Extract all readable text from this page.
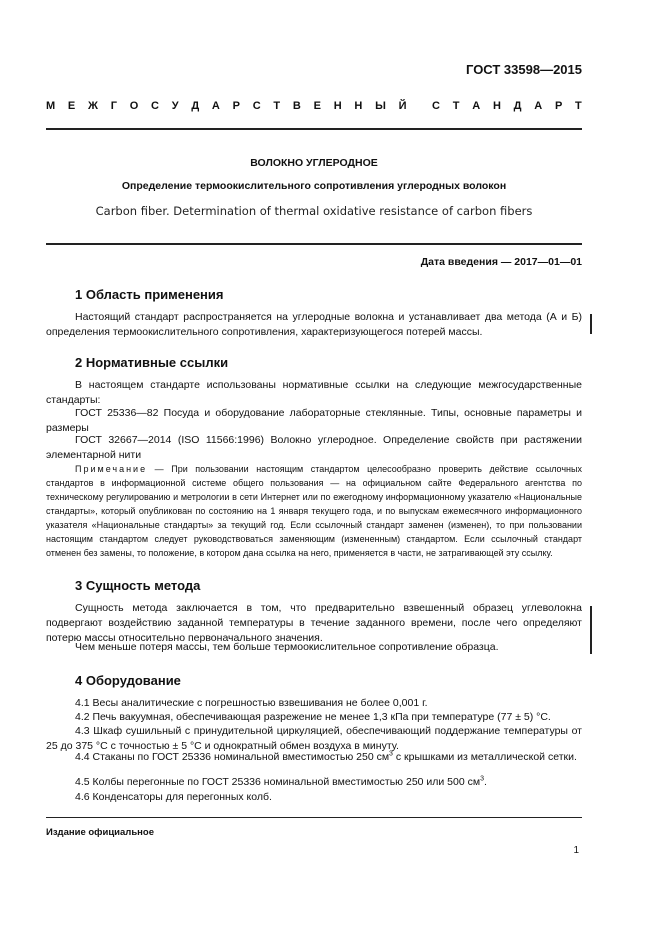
ГОСТ 33598—2015
М Е Ж Г О С У Д А Р С Т В Е Н Н Ы Й С Т А Н Д А Р Т
ВОЛОКНО УГЛЕРОДНОЕ
Определение термоокислительного сопротивления углеродных волокон
Carbon fiber. Determination of thermal oxidative resistance of carbon fibers
Дата введения — 2017—01—01
1 Область применения

Настоящий стандарт распространяется на углеродные волокна и устанавливает два метода (А и Б) определения термоокислительного сопротивления, характеризующегося потерей массы.

2 Нормативные ссылки

В настоящем стандарте использованы нормативные ссылки на следующие межгосударственные стандарты:

ГОСТ 25336—82 Посуда и оборудование лабораторные стеклянные. Типы, основные параметры и размеры

ГОСТ 32667—2014 (ISO 11566:1996) Волокно углеродное. Определение свойств при растяжении элементарной нити

Примечание — При пользовании настоящим стандартом целесообразно проверить действие ссылочных стандартов в информационной системе общего пользования — на официальном сайте Федерального агентства по техническому регулированию и метрологии в сети Интернет или по ежегодному информационному указателю «Национальные стандарты», который опубликован по состоянию на 1 января текущего года, и по выпускам ежемесячного информационного указателя «Национальные стандарты» за текущий год. Если ссылочный стандарт заменен (изменен), то при пользовании настоящим стандартом следует руководствоваться заменяющим (измененным) стандартом. Если ссылочный стандарт отменен без замены, то положение, в котором дана ссылка на него, применяется в части, не затрагивающей эту ссылку.

3 Сущность метода

Сущность метода заключается в том, что предварительно взвешенный образец углеволокна подвергают воздействию заданной температуры в течение заданного времени, после чего определяют потерю массы относительно первоначального значения.

Чем меньше потеря массы, тем больше термоокислительное сопротивление образца.

4 Оборудование

4.1 Весы аналитические с погрешностью взвешивания не более 0,001 г.

4.2 Печь вакуумная, обеспечивающая разрежение не менее 1,3 кПа при температуре (77 ± 5) °С.

4.3 Шкаф сушильный с принудительной циркуляцией, обеспечивающий поддержание температуры от 25 до 375 °С с точностью ± 5 °С и однократный обмен воздуха в минуту.

4.4 Стаканы по ГОСТ 25336 номинальной вместимостью 250 $см^3$ с крышками из металлической сетки.

4.5 Колбы перегонные по ГОСТ 25336 номинальной вместимостью 250 или 500 $см^3$.

4.6 Конденсаторы для перегонных колб.

Издание официальное
1
